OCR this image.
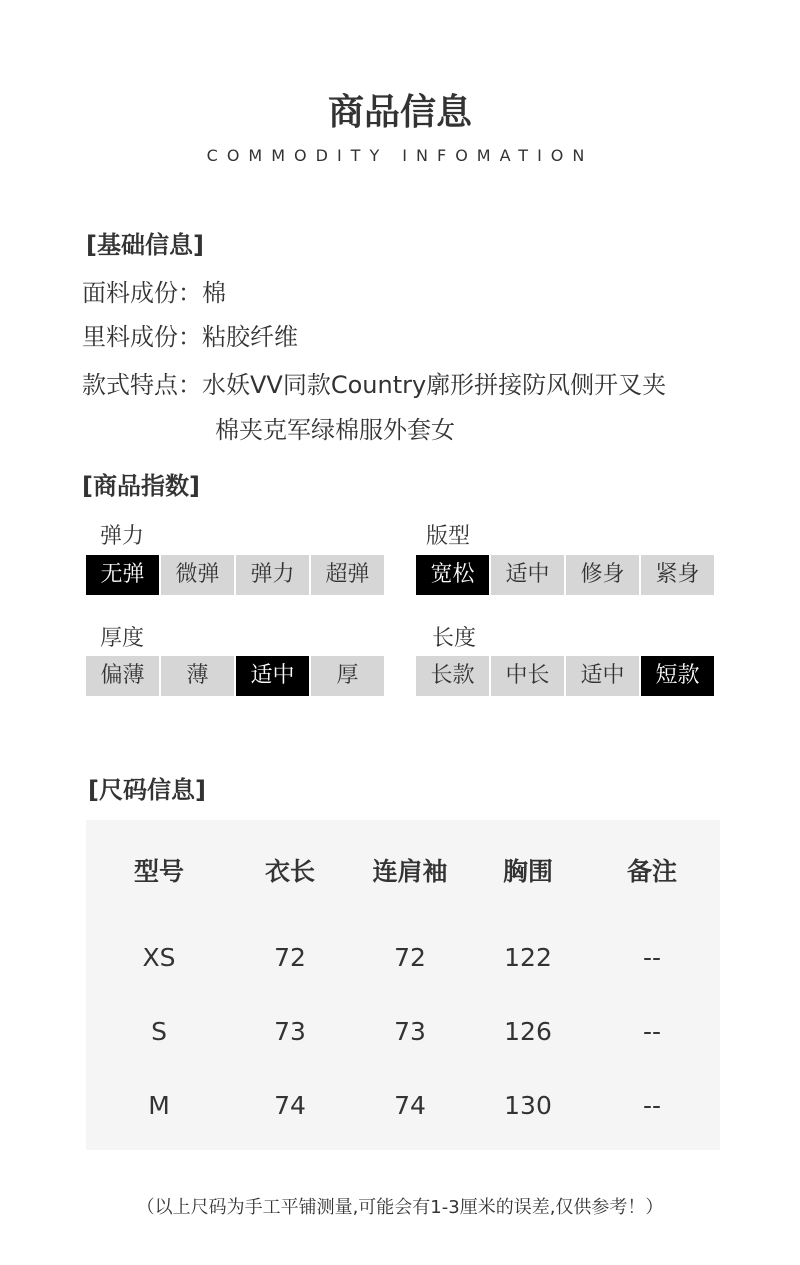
商品信息
COMMODITY INFOMATION
[基础信息]
面料成份：棉
里料成份：粘胶纤维
款式特点：水妖VV同款Country廓形拼接防风侧开叉夹
棉夹克军绿棉服外套女
[商品指数]
弹力
无弹	微弹	弹力	超弹
版型
宽松	适中	修身	紧身
厚度
偏薄	薄	适中	厚
长度
长款	中长	适中	短款
[尺码信息]
型号	衣长	连肩袖	胸围	备注
XS	72	72	122	--
S	73	73	126	--
M	74	74	130	--
（以上尺码为手工平铺测量,可能会有1-3厘米的误差,仅供参考！）
